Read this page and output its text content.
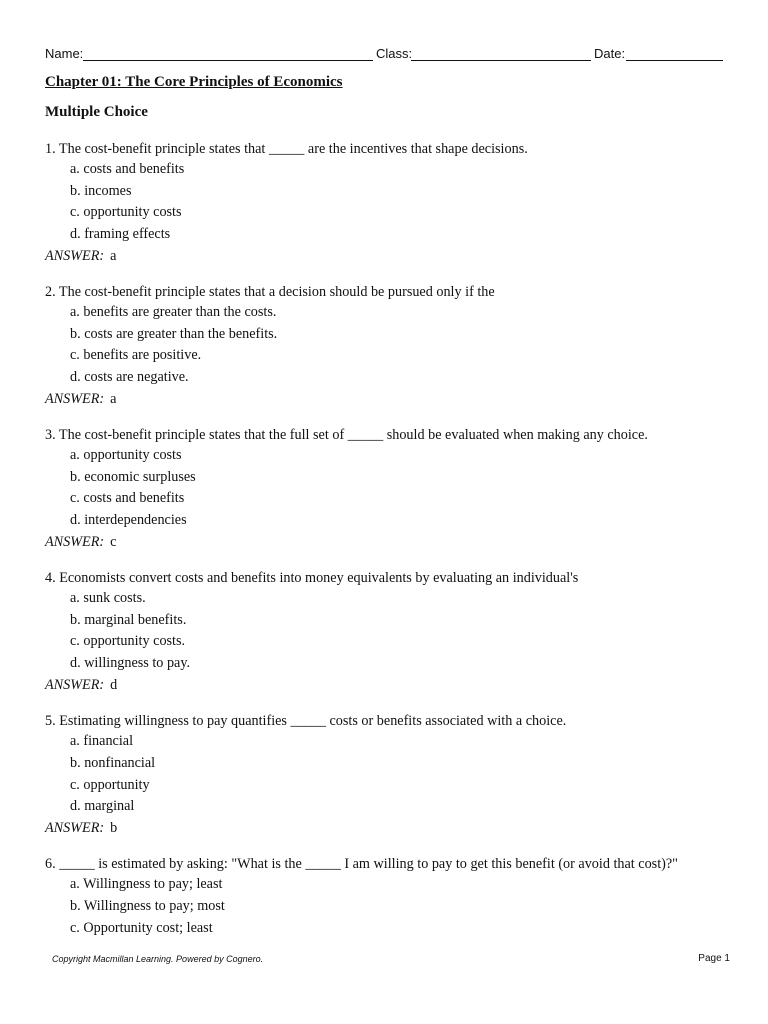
Name:	Class:	Date:
Chapter 01: The Core Principles of Economics
Multiple Choice
1. The cost-benefit principle states that _____ are the incentives that shape decisions.
a. costs and benefits
b. incomes
c. opportunity costs
d. framing effects
ANSWER: a
2. The cost-benefit principle states that a decision should be pursued only if the
a. benefits are greater than the costs.
b. costs are greater than the benefits.
c. benefits are positive.
d. costs are negative.
ANSWER: a
3. The cost-benefit principle states that the full set of _____ should be evaluated when making any choice.
a. opportunity costs
b. economic surpluses
c. costs and benefits
d. interdependencies
ANSWER: c
4. Economists convert costs and benefits into money equivalents by evaluating an individual's
a. sunk costs.
b. marginal benefits.
c. opportunity costs.
d. willingness to pay.
ANSWER: d
5. Estimating willingness to pay quantifies _____ costs or benefits associated with a choice.
a. financial
b. nonfinancial
c. opportunity
d. marginal
ANSWER: b
6. _____ is estimated by asking: "What is the _____ I am willing to pay to get this benefit (or avoid that cost)?"
a. Willingness to pay; least
b. Willingness to pay; most
c. Opportunity cost; least
Copyright Macmillan Learning. Powered by Cognero.	Page 1
